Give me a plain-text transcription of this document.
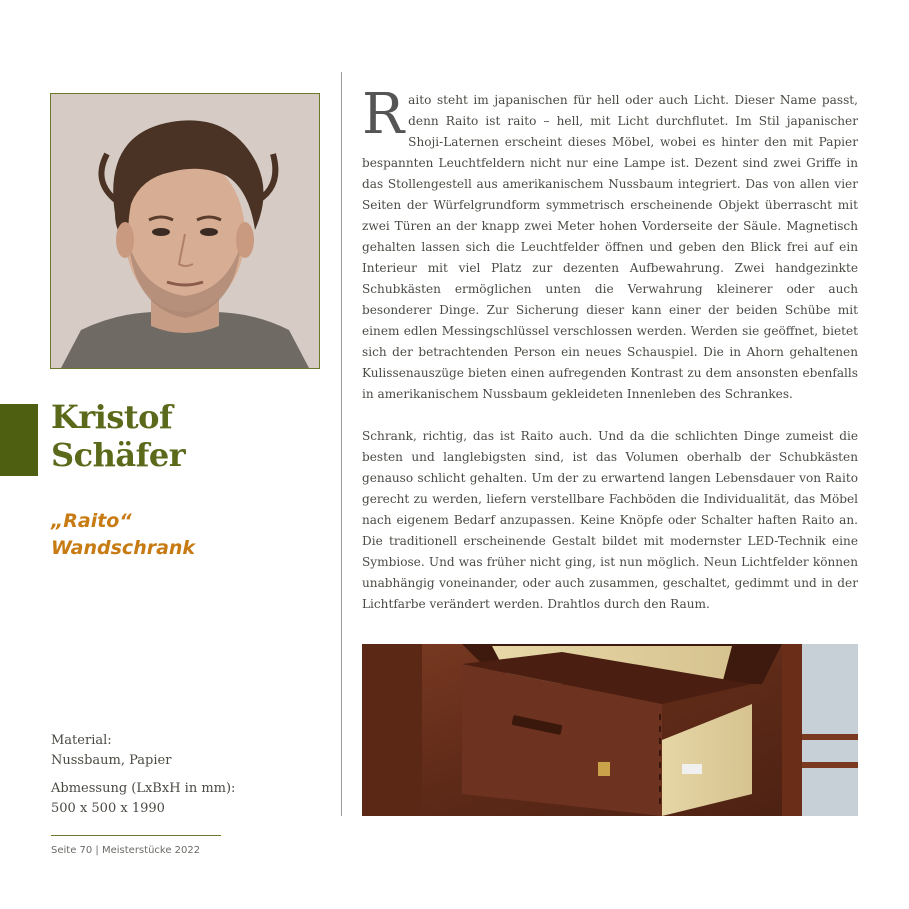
Kristof
Schäfer
„Raito“
Wandschrank
Material:
Nussbaum, Papier
Abmessung (LxBxH in mm):
500 x 500 x 1990
Seite 70 | Meisterstücke 2022

Raito steht im japanischen für hell oder auch Licht. Dieser Name passt, denn Raito ist raito – hell, mit Licht durchflutet. Im Stil japanischer Shoji-Laternen erscheint dieses Möbel, wobei es hinter den mit Papier bespannten Leuchtfeldern nicht nur eine Lampe ist. Dezent sind zwei Griffe in das Stollengestell aus amerikanischem Nussbaum integriert. Das von allen vier Seiten der Würfelgrundform symmetrisch erscheinende Objekt überrascht mit zwei Türen an der knapp zwei Meter hohen Vorderseite der Säule. Magnetisch gehalten lassen sich die Leuchtfelder öffnen und geben den Blick frei auf ein Interieur mit viel Platz zur dezenten Aufbewahrung. Zwei handgezinkte Schubkästen ermöglichen unten die Verwahrung kleinerer oder auch besonderer Dinge. Zur Sicherung dieser kann einer der beiden Schübe mit einem edlen Messingschlüssel verschlossen werden. Werden sie geöffnet, bietet sich der betrachtenden Person ein neues Schauspiel. Die in Ahorn gehaltenen Kulissenauszüge bieten einen aufregenden Kontrast zu dem ansonsten ebenfalls in amerikanischem Nussbaum gekleideten Innenleben des Schrankes.

Schrank, richtig, das ist Raito auch. Und da die schlichten Dinge zumeist die besten und langlebigsten sind, ist das Volumen oberhalb der Schubkästen genauso schlicht gehalten. Um der zu erwartend langen Lebensdauer von Raito gerecht zu werden, liefern verstellbare Fachböden die Individualität, das Möbel nach eigenem Bedarf anzupassen. Keine Knöpfe oder Schalter haften Raito an. Die traditionell erscheinende Gestalt bildet mit modernster LED-Technik eine Symbiose. Und was früher nicht ging, ist nun möglich. Neun Lichtfelder können unabhängig voneinander, oder auch zusammen, geschaltet, gedimmt und in der Lichtfarbe verändert werden. Drahtlos durch den Raum.
